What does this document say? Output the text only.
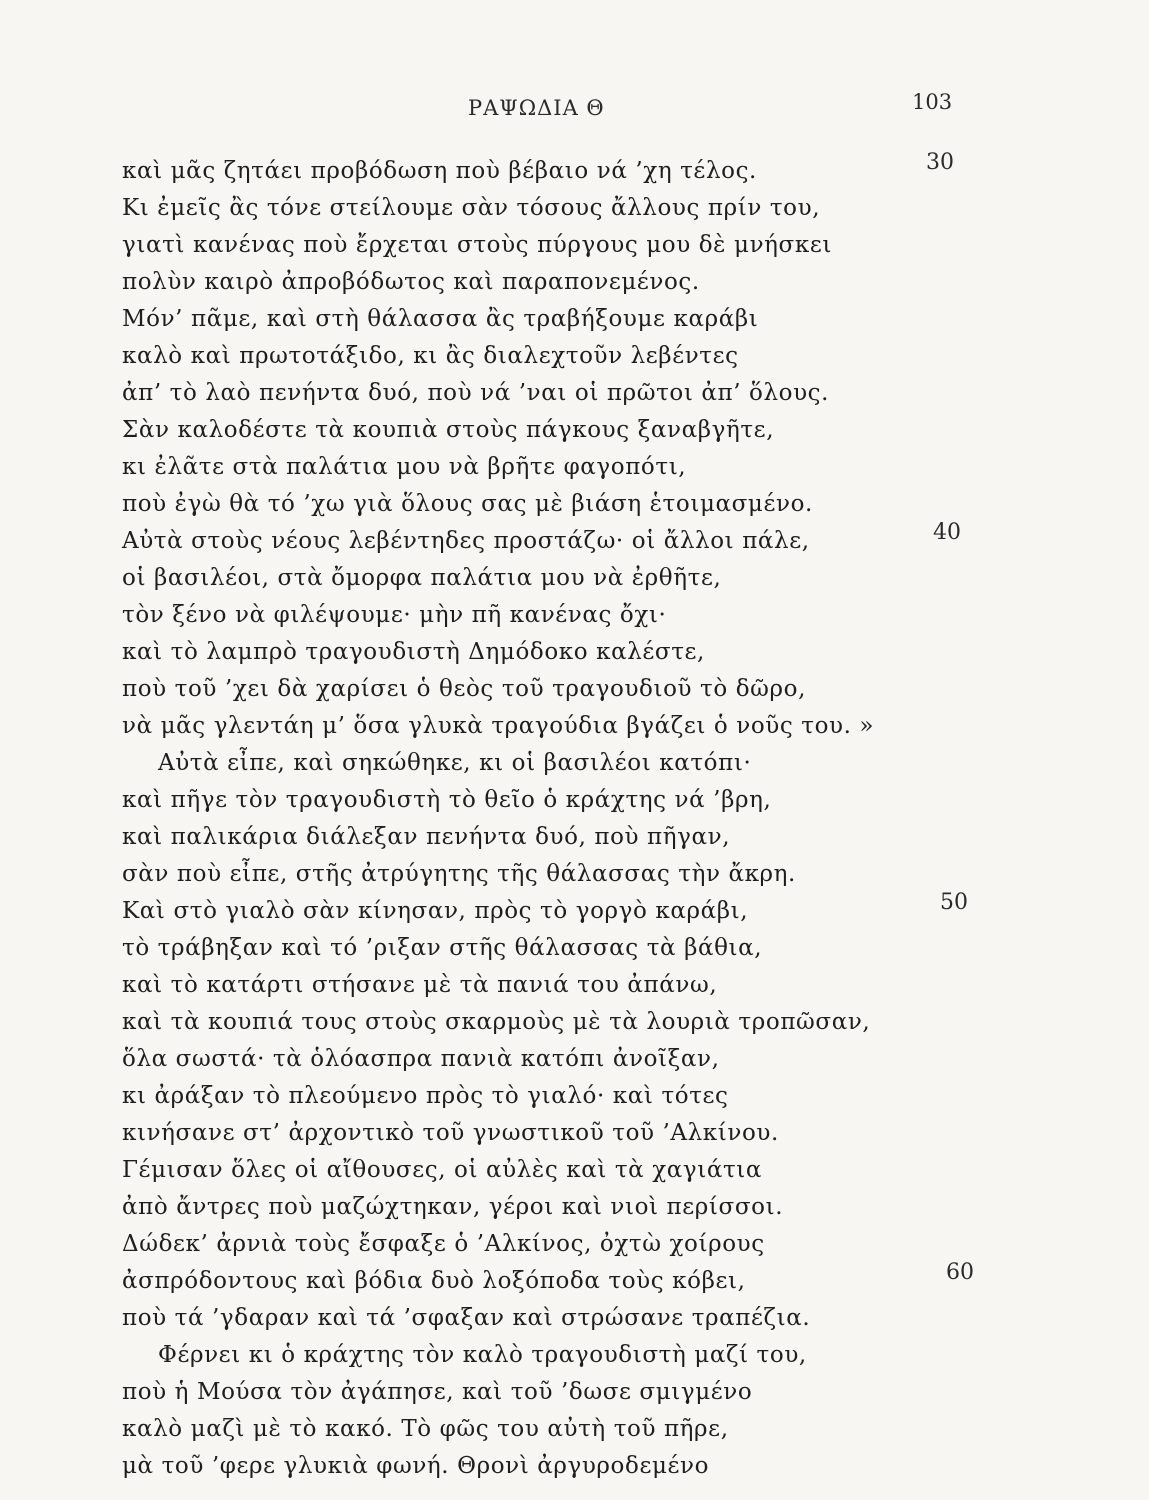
ΡΑΨΩΔΙΑ Θ	103
καὶ μᾶς ζητάει προβόδωση ποὺ βέβαιο νά ’χη τέλος.
Κι ἐμεῖς ἂς τόνε στείλουμε σὰν τόσους ἄλλους πρίν του,
γιατὶ κανένας ποὺ ἔρχεται στοὺς πύργους μου δὲ μνήσκει
πολὺν καιρὸ ἀπροβόδωτος καὶ παραπονεμένος.
Μόν’ πᾶμε, καὶ στὴ θάλασσα ἂς τραβήξουμε καράβι
καλὸ καὶ πρωτοτάξιδο, κι ἂς διαλεχτοῦν λεβέντες
ἀπ’ τὸ λαὸ πενήντα δυό, ποὺ νά ’ναι οἱ πρῶτοι ἀπ’ ὅλους.
Σὰν καλοδέστε τὰ κουπιὰ στοὺς πάγκους ξαναβγῆτε,
κι ἐλᾶτε στὰ παλάτια μου νὰ βρῆτε φαγοπότι,
ποὺ ἐγὼ θὰ τό ’χω γιὰ ὅλους σας μὲ βιάση ἑτοιμασμένο.
Αὐτὰ στοὺς νέους λεβέντηδες προστάζω· οἱ ἄλλοι πάλε,
οἱ βασιλέοι, στὰ ὄμορφα παλάτια μου νὰ ἐρθῆτε,
τὸν ξένο νὰ φιλέψουμε· μὴν πῆ κανένας ὄχι·
καὶ τὸ λαμπρὸ τραγουδιστὴ Δημόδοκο καλέστε,
ποὺ τοῦ ’χει δὰ χαρίσει ὁ θεὸς τοῦ τραγουδιοῦ τὸ δῶρο,
νὰ μᾶς γλεντάη μ’ ὅσα γλυκὰ τραγούδια βγάζει ὁ νοῦς του. »
Αὐτὰ εἶπε, καὶ σηκώθηκε, κι οἱ βασιλέοι κατόπι·
καὶ πῆγε τὸν τραγουδιστὴ τὸ θεῖο ὁ κράχτης νά ’βρη,
καὶ παλικάρια διάλεξαν πενήντα δυό, ποὺ πῆγαν,
σὰν ποὺ εἶπε, στῆς ἀτρύγητης τῆς θάλασσας τὴν ἄκρη.
Καὶ στὸ γιαλὸ σὰν κίνησαν, πρὸς τὸ γοργὸ καράβι,
τὸ τράβηξαν καὶ τό ’ριξαν στῆς θάλασσας τὰ βάθια,
καὶ τὸ κατάρτι στήσανε μὲ τὰ πανιά του ἀπάνω,
καὶ τὰ κουπιά τους στοὺς σκαρμοὺς μὲ τὰ λουριὰ τροπῶσαν,
ὅλα σωστά· τὰ ὁλόασπρα πανιὰ κατόπι ἀνοῖξαν,
κι ἀράξαν τὸ πλεούμενο πρὸς τὸ γιαλό· καὶ τότες
κινήσανε στ’ ἀρχοντικὸ τοῦ γνωστικοῦ τοῦ ’Αλκίνου.
Γέμισαν ὅλες οἱ αἴθουσες, οἱ αὐλὲς καὶ τὰ χαγιάτια
ἀπὸ ἄντρες ποὺ μαζώχτηκαν, γέροι καὶ νιοὶ περίσσοι.
Δώδεκ’ ἀρνιὰ τοὺς ἔσφαξε ὁ ’Αλκίνος, ὀχτὼ χοίρους
ἀσπρόδοντους καὶ βόδια δυὸ λοξόποδα τοὺς κόβει,
ποὺ τά ’γδαραν καὶ τά ’σφαξαν καὶ στρώσανε τραπέζια.
Φέρνει κι ὁ κράχτης τὸν καλὸ τραγουδιστὴ μαζί του,
ποὺ ἡ Μούσα τὸν ἀγάπησε, καὶ τοῦ ’δωσε σμιγμένο
καλὸ μαζὶ μὲ τὸ κακό. Τὸ φῶς του αὐτὴ τοῦ πῆρε,
μὰ τοῦ ’φερε γλυκιὰ φωνή. Θρονὶ ἀργυροδεμένο
30
40
50
60
